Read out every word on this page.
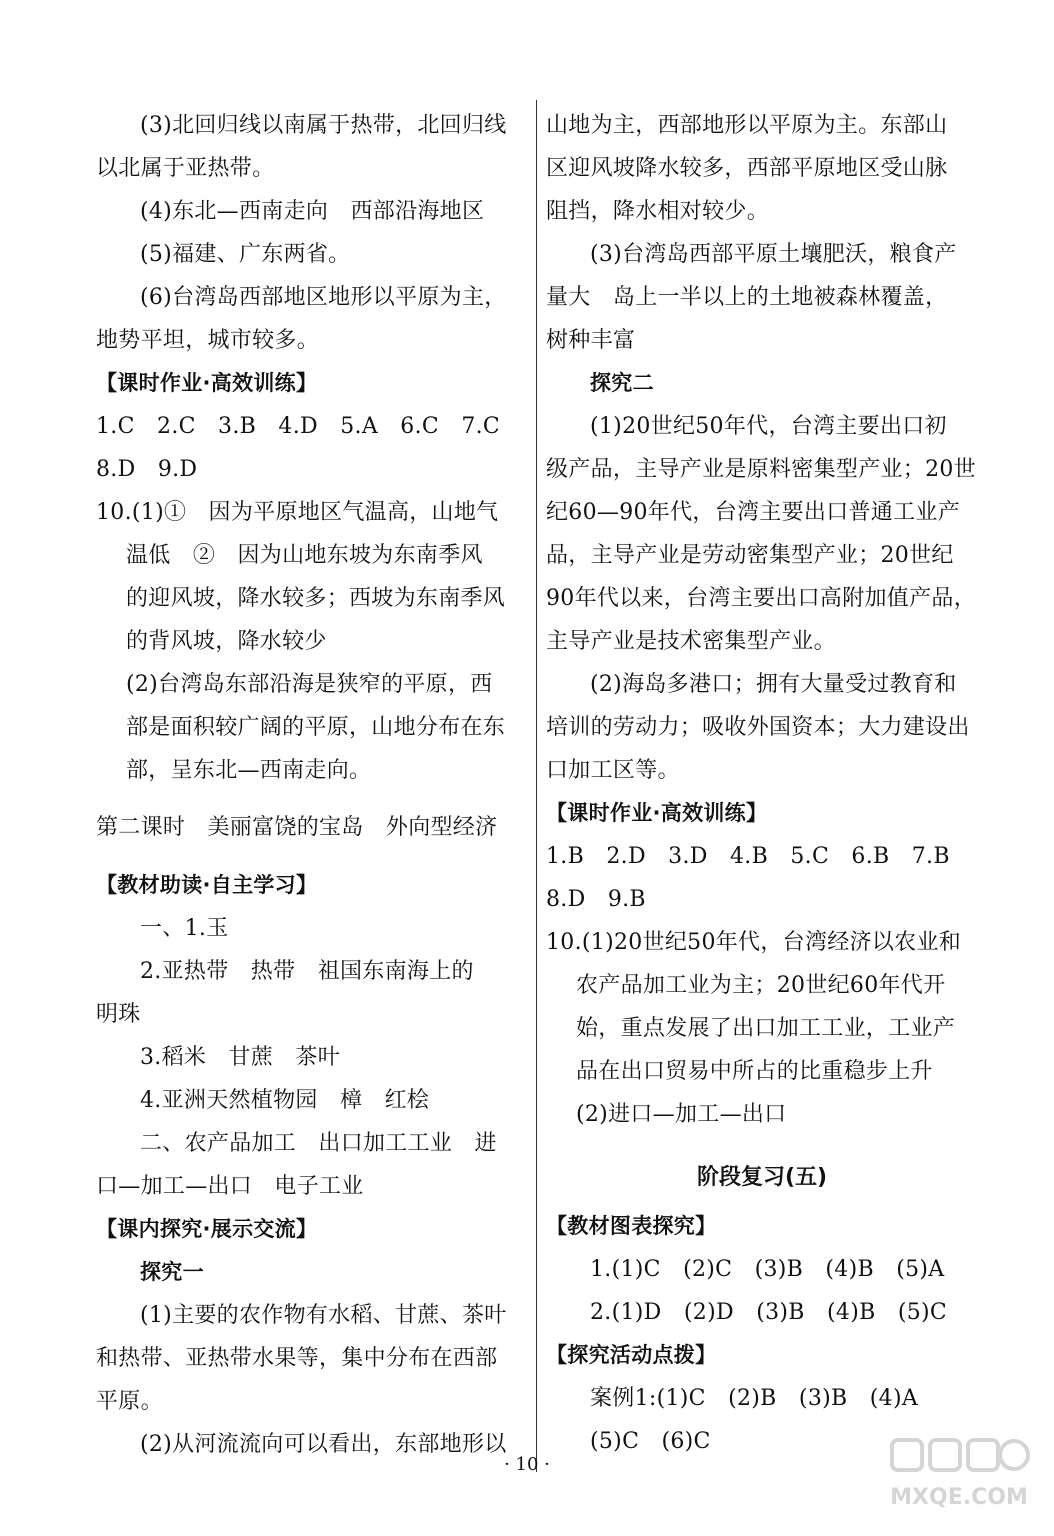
(3)北回归线以南属于热带，北回归线
以北属于亚热带。
(4)东北—西南走向　西部沿海地区
(5)福建、广东两省。
(6)台湾岛西部地区地形以平原为主，
地势平坦，城市较多。
【课时作业·高效训练】
1.C　2.C　3.B　4.D　5.A　6.C　7.C
8.D　9.D
10.(1)①　因为平原地区气温高，山地气
温低　②　因为山地东坡为东南季风
的迎风坡，降水较多；西坡为东南季风
的背风坡，降水较少
(2)台湾岛东部沿海是狭窄的平原，西
部是面积较广阔的平原，山地分布在东
部，呈东北—西南走向。
第二课时　美丽富饶的宝岛　外向型经济
【教材助读·自主学习】
一、1.玉
2.亚热带　热带　祖国东南海上的
明珠
3.稻米　甘蔗　茶叶
4.亚洲天然植物园　樟　红桧
二、农产品加工　出口加工工业　进
口—加工—出口　电子工业
【课内探究·展示交流】
探究一
(1)主要的农作物有水稻、甘蔗、茶叶
和热带、亚热带水果等，集中分布在西部
平原。
(2)从河流流向可以看出，东部地形以
山地为主，西部地形以平原为主。东部山
区迎风坡降水较多，西部平原地区受山脉
阻挡，降水相对较少。
(3)台湾岛西部平原土壤肥沃，粮食产
量大　岛上一半以上的土地被森林覆盖，
树种丰富
探究二
(1)20世纪50年代，台湾主要出口初
级产品，主导产业是原料密集型产业；20世
纪60—90年代，台湾主要出口普通工业产
品，主导产业是劳动密集型产业；20世纪
90年代以来，台湾主要出口高附加值产品，
主导产业是技术密集型产业。
(2)海岛多港口；拥有大量受过教育和
培训的劳动力；吸收外国资本；大力建设出
口加工区等。
【课时作业·高效训练】
1.B　2.D　3.D　4.B　5.C　6.B　7.B
8.D　9.B
10.(1)20世纪50年代，台湾经济以农业和
农产品加工业为主；20世纪60年代开
始，重点发展了出口加工工业，工业产
品在出口贸易中所占的比重稳步上升
(2)进口—加工—出口
阶段复习(五)
【教材图表探究】
1.(1)C　(2)C　(3)B　(4)B　(5)A
2.(1)D　(2)D　(3)B　(4)B　(5)C
【探究活动点拨】
案例1:(1)C　(2)B　(3)B　(4)A
(5)C　(6)C
· 10 ·
MXQE.COM
